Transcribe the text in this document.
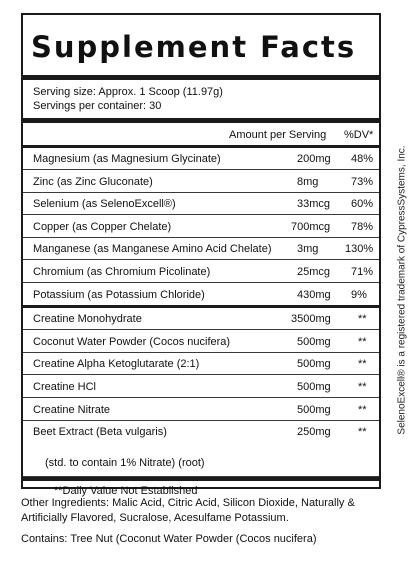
Supplement Facts
Serving size: Approx. 1 Scoop (11.97g)
Servings per container: 30
Amount per Serving %DV*
Magnesium (as Magnesium Glycinate)	200mg 48%
Zinc (as Zinc Gluconate)	8mg	73%
Selenium (as SelenoExcell®)	33mcg 60%
Copper (as Copper Chelate)	700mcg 78%
Manganese (as Manganese Amino Acid Chelate) 3mg 130%
Chromium (as Chromium Picolinate)	25mcg 71%
Potassium (as Potassium Chloride)	430mg 9%
Creatine Monohydrate	3500mg **
Coconut Water Powder (Cocos nucifera)	500mg **
Creatine Alpha Ketoglutarate (2:1)	500mg **
Creatine HCl	500mg **
Creatine Nitrate	500mg **
Beet Extract (Beta vulgaris)	250mg **
(std. to contain 1% Nitrate) (root)
**Daily Value Not Established
Other Ingredients: Malic Acid, Citric Acid, Silicon Dioxide, Naturally &
Artificially Flavored, Sucralose, Acesulfame Potassium.
Contains: Tree Nut (Coconut Water Powder (Cocos nucifera)
SelenoExcell® is a registered trademark of CypressSystems, Inc.
